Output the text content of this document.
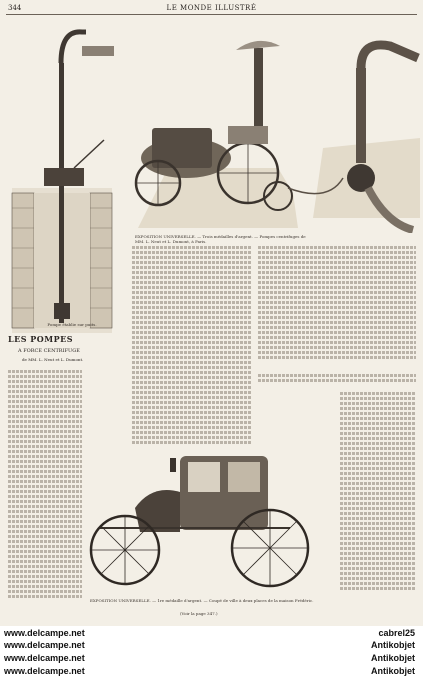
344	LE MONDE ILLUSTRÉ
Pompe établie sur puits.
EXPOSITION UNIVERSELLE. — Trois médailles d'argent. — Pompes centrifuges de MM. L. Neut et L. Dumont, à Paris.
LES POMPES
A FORCE CENTRIFUGE
de MM. L. Neut et L. Dumont.
EXPOSITION UNIVERSELLE. — 1re médaille d'argent. — Coupé de ville à deux places de la maison Frédéric.
(Voir la page 347.)
www.delcampe.net
www.delcampe.net
www.delcampe.net
www.delcampe.net
cabrel25
Antikobjet
Antikobjet
Antikobjet
